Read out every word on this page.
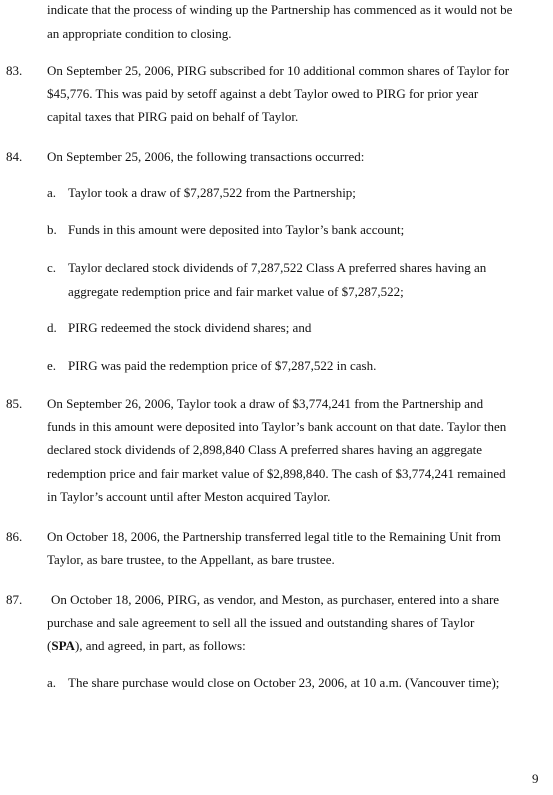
indicate that the process of winding up the Partnership has commenced as it would not be
an appropriate condition to closing.
83. On September 25, 2006, PIRG subscribed for 10 additional common shares of Taylor for
$45,776. This was paid by setoff against a debt Taylor owed to PIRG for prior year
capital taxes that PIRG paid on behalf of Taylor.
84. On September 25, 2006, the following transactions occurred:
a. Taylor took a draw of $7,287,522 from the Partnership;
b. Funds in this amount were deposited into Taylor’s bank account;
c. Taylor declared stock dividends of 7,287,522 Class A preferred shares having an
aggregate redemption price and fair market value of $7,287,522;
d. PIRG redeemed the stock dividend shares; and
e. PIRG was paid the redemption price of $7,287,522 in cash.
85. On September 26, 2006, Taylor took a draw of $3,774,241 from the Partnership and
funds in this amount were deposited into Taylor’s bank account on that date. Taylor then
declared stock dividends of 2,898,840 Class A preferred shares having an aggregate
redemption price and fair market value of $2,898,840. The cash of $3,774,241 remained
in Taylor’s account until after Meston acquired Taylor.
86. On October 18, 2006, the Partnership transferred legal title to the Remaining Unit from
Taylor, as bare trustee, to the Appellant, as bare trustee.
87. On October 18, 2006, PIRG, as vendor, and Meston, as purchaser, entered into a share
purchase and sale agreement to sell all the issued and outstanding shares of Taylor
(SPA), and agreed, in part, as follows:
a. The share purchase would close on October 23, 2006, at 10 a.m. (Vancouver time);
9
